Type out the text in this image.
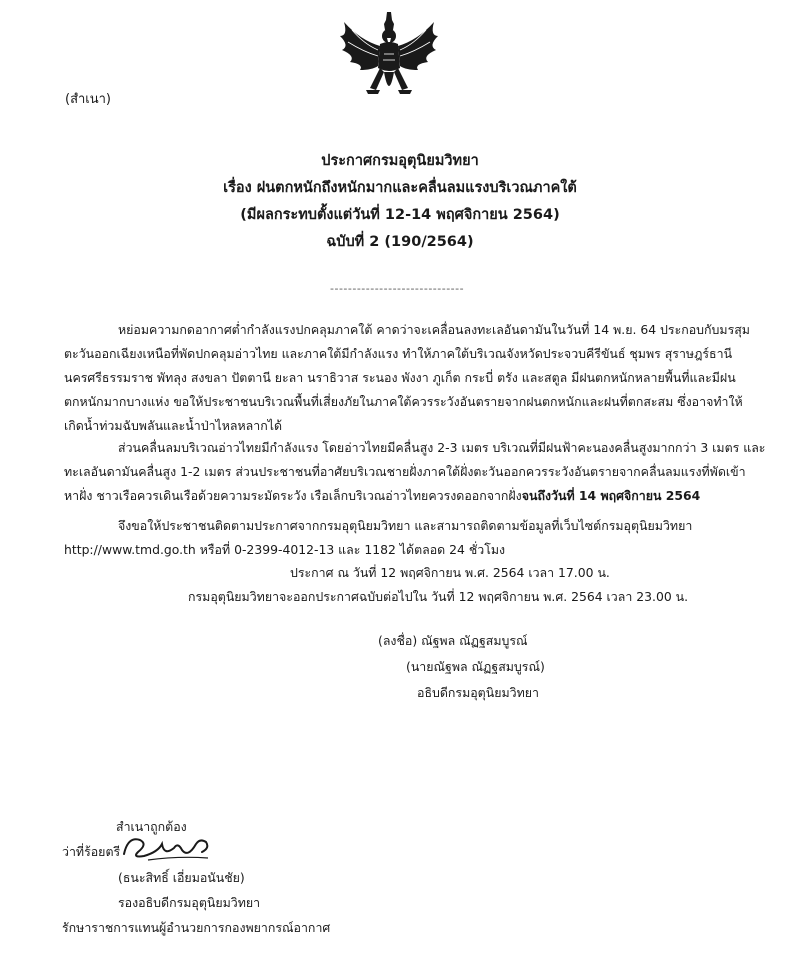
(สำเนา)
ประกาศกรมอุตุนิยมวิทยา
เรื่อง ฝนตกหนักถึงหนักมากและคลื่นลมแรงบริเวณภาคใต้
(มีผลกระทบตั้งแต่วันที่ 12-14 พฤศจิกายน 2564)
ฉบับที่ 2 (190/2564)
------------------------------
หย่อมความกดอากาศต่ำกำลังแรงปกคลุมภาคใต้ คาดว่าจะเคลื่อนลงทะเลอันดามันในวันที่ 14 พ.ย. 64 ประกอบกับมรสุม
ตะวันออกเฉียงเหนือที่พัดปกคลุมอ่าวไทย และภาคใต้มีกำลังแรง ทำให้ภาคใต้บริเวณจังหวัดประจวบคีรีขันธ์ ชุมพร สุราษฎร์ธานี
นครศรีธรรมราช พัทลุง สงขลา ปัตตานี ยะลา นราธิวาส ระนอง พังงา ภูเก็ต กระบี่ ตรัง และสตูล มีฝนตกหนักหลายพื้นที่และมีฝน
ตกหนักมากบางแห่ง ขอให้ประชาชนบริเวณพื้นที่เสี่ยงภัยในภาคใต้ควรระวังอันตรายจากฝนตกหนักและฝนที่ตกสะสม ซึ่งอาจทำให้
เกิดน้ำท่วมฉับพลันและน้ำป่าไหลหลากได้
ส่วนคลื่นลมบริเวณอ่าวไทยมีกำลังแรง โดยอ่าวไทยมีคลื่นสูง 2-3 เมตร บริเวณที่มีฝนฟ้าคะนองคลื่นสูงมากกว่า 3 เมตร และ
ทะเลอันดามันคลื่นสูง 1-2 เมตร ส่วนประชาชนที่อาศัยบริเวณชายฝั่งภาคใต้ฝั่งตะวันออกควรระวังอันตรายจากคลื่นลมแรงที่พัดเข้า
หาฝั่ง ชาวเรือควรเดินเรือด้วยความระมัดระวัง เรือเล็กบริเวณอ่าวไทยควรงดออกจากฝั่งจนถึงวันที่ 14 พฤศจิกายน 2564
จึงขอให้ประชาชนติดตามประกาศจากกรมอุตุนิยมวิทยา และสามารถติดตามข้อมูลที่เว็บไซต์กรมอุตุนิยมวิทยา
http://www.tmd.go.th หรือที่ 0-2399-4012-13 และ 1182 ได้ตลอด 24 ชั่วโมง
ประกาศ ณ วันที่ 12 พฤศจิกายน พ.ศ. 2564 เวลา 17.00 น.
กรมอุตุนิยมวิทยาจะออกประกาศฉบับต่อไปใน วันที่ 12 พฤศจิกายน พ.ศ. 2564 เวลา 23.00 น.
(ลงชื่อ) ณัฐพล ณัฏฐสมบูรณ์
(นายณัฐพล ณัฏฐสมบูรณ์)
อธิบดีกรมอุตุนิยมวิทยา
สำเนาถูกต้อง
ว่าที่ร้อยตรี
(ธนะสิทธิ์ เอี่ยมอนันชัย)
รองอธิบดีกรมอุตุนิยมวิทยา
รักษาราชการแทนผู้อำนวยการกองพยากรณ์อากาศ
